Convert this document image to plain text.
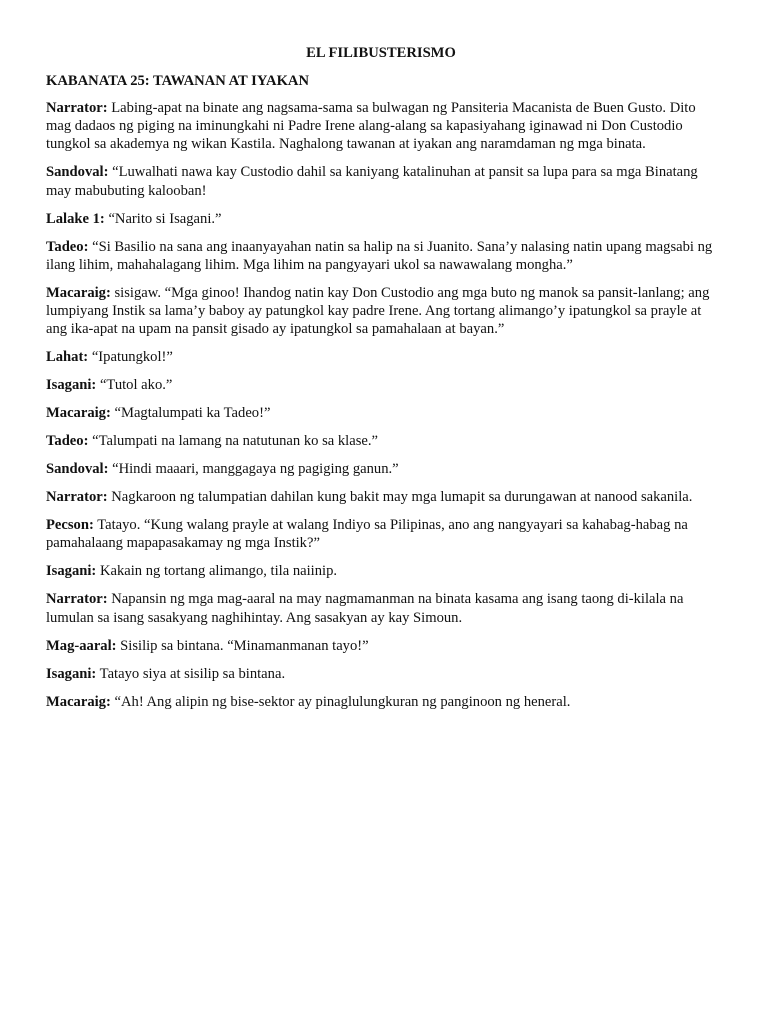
EL FILIBUSTERISMO
KABANATA 25: TAWANAN AT IYAKAN

Narrator: Labing-apat na binate ang nagsama-sama sa bulwagan ng Pansiteria Macanista de Buen Gusto. Dito mag dadaos ng piging na iminungkahi ni Padre Irene alang-alang sa kapasiyahang iginawad ni Don Custodio tungkol sa akademya ng wikan Kastila. Naghalong tawanan at iyakan ang naramdaman ng mga binata.

Sandoval: “Luwalhati nawa kay Custodio dahil sa kaniyang katalinuhan at pansit sa lupa para sa mga Binatang may mabubuting kalooban!

Lalake 1: “Narito si Isagani.”

Tadeo: “Si Basilio na sana ang inaanyayahan natin sa halip na si Juanito. Sana’y nalasing natin upang magsabi ng ilang lihim, mahahalagang lihim. Mga lihim na pangyayari ukol sa nawawalang mongha.”

Macaraig: sisigaw. “Mga ginoo! Ihandog natin kay Don Custodio ang mga buto ng manok sa pansit-lanlang; ang lumpiyang Instik sa lama’y baboy ay patungkol kay padre Irene. Ang tortang alimango’y ipatungkol sa prayle at ang ika-apat na upam na pansit gisado ay ipatungkol sa pamahalaan at bayan.”

Lahat: “Ipatungkol!”

Isagani: “Tutol ako.”

Macaraig: “Magtalumpati ka Tadeo!”

Tadeo: “Talumpati na lamang na natutunan ko sa klase.”

Sandoval: “Hindi maaari, manggagaya ng pagiging ganun.”

Narrator: Nagkaroon ng talumpatian dahilan kung bakit may mga lumapit sa durungawan at nanood sakanila.

Pecson: Tatayo. “Kung walang prayle at walang Indiyo sa Pilipinas, ano ang nangyayari sa kahabag-habag na pamahalaang mapapasakamay ng mga Instik?”

Isagani: Kakain ng tortang alimango, tila naiinip.

Narrator: Napansin ng mga mag-aaral na may nagmamanman na binata kasama ang isang taong di-kilala na lumulan sa isang sasakyang naghihintay. Ang sasakyan ay kay Simoun.

Mag-aaral: Sisilip sa bintana. “Minamanmanan tayo!”

Isagani: Tatayo siya at sisilip sa bintana.

Macaraig: “Ah! Ang alipin ng bise-sektor ay pinaglulungkuran ng panginoon ng heneral.
